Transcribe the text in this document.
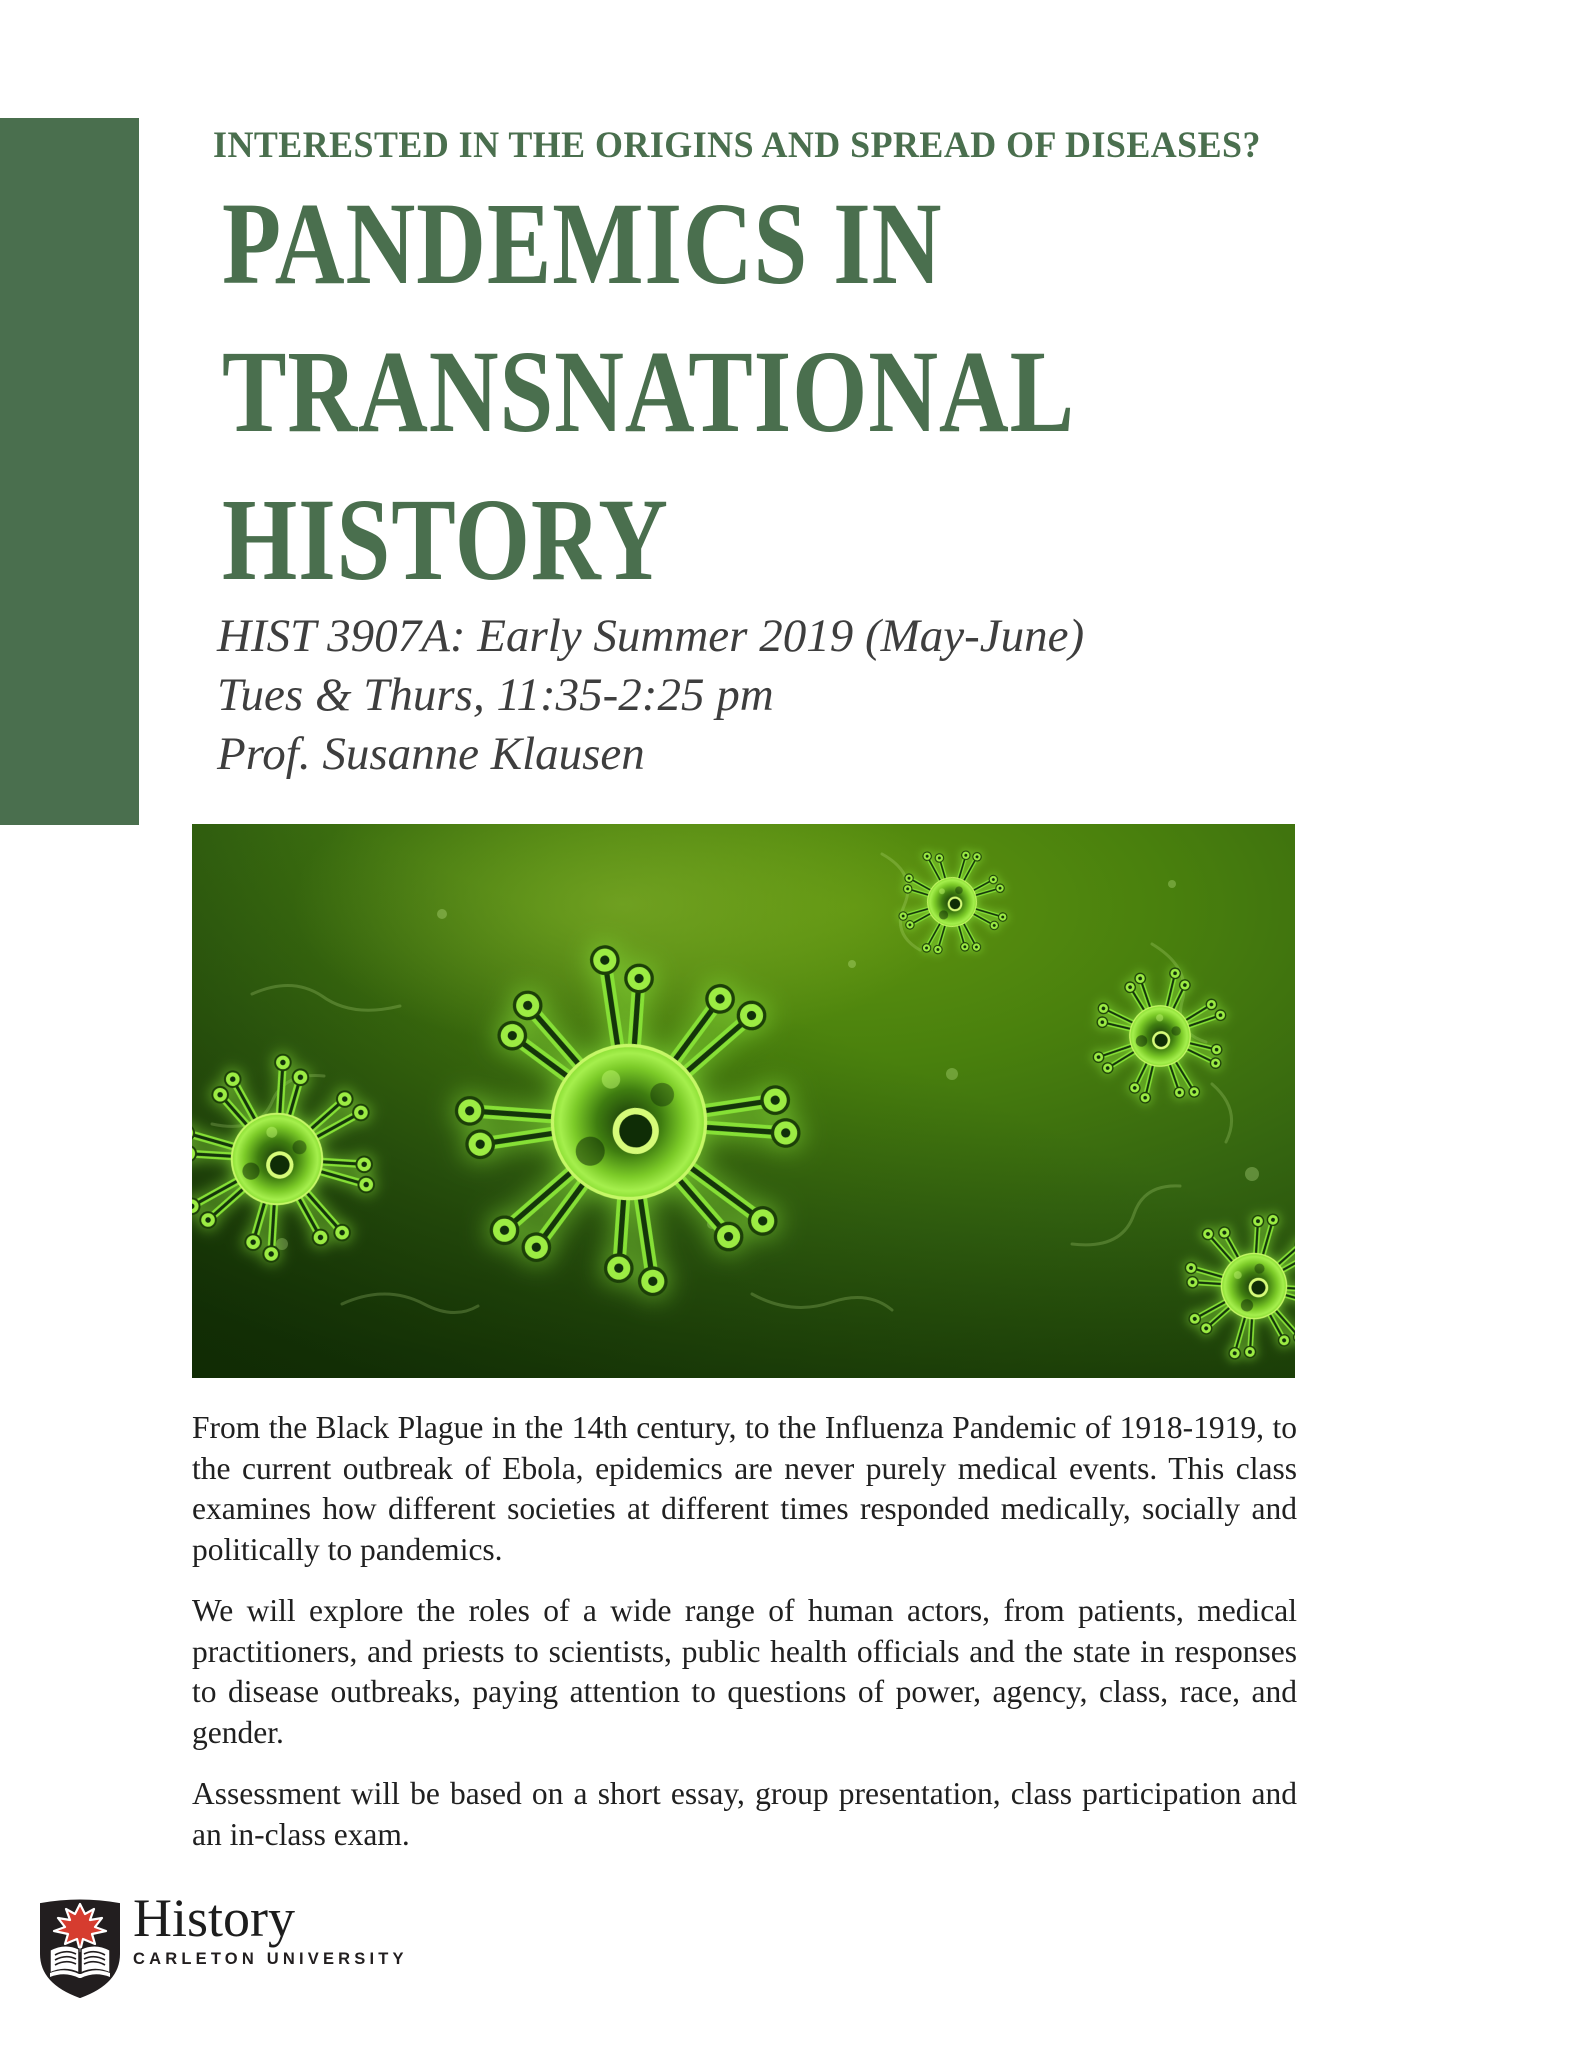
INTERESTED IN THE ORIGINS AND SPREAD OF DISEASES?
PANDEMICS IN
TRANSNATIONAL
HISTORY
HIST 3907A: Early Summer 2019 (May-June)
Tues & Thurs, 11:35-2:25 pm
Prof. Susanne Klausen

From the Black Plague in the 14th century, to the Influenza Pandemic of 1918-1919, to the current outbreak of Ebola, epidemics are never purely medical events. This class examines how different societies at different times responded medically, socially and politically to pandemics.

We will explore the roles of a wide range of human actors, from patients, medical practitioners, and priests to scientists, public health officials and the state in responses to disease outbreaks, paying attention to questions of power, agency, class, race, and gender.

Assessment will be based on a short essay, group presentation, class participation and an in-class exam.

History
CARLETON UNIVERSITY
